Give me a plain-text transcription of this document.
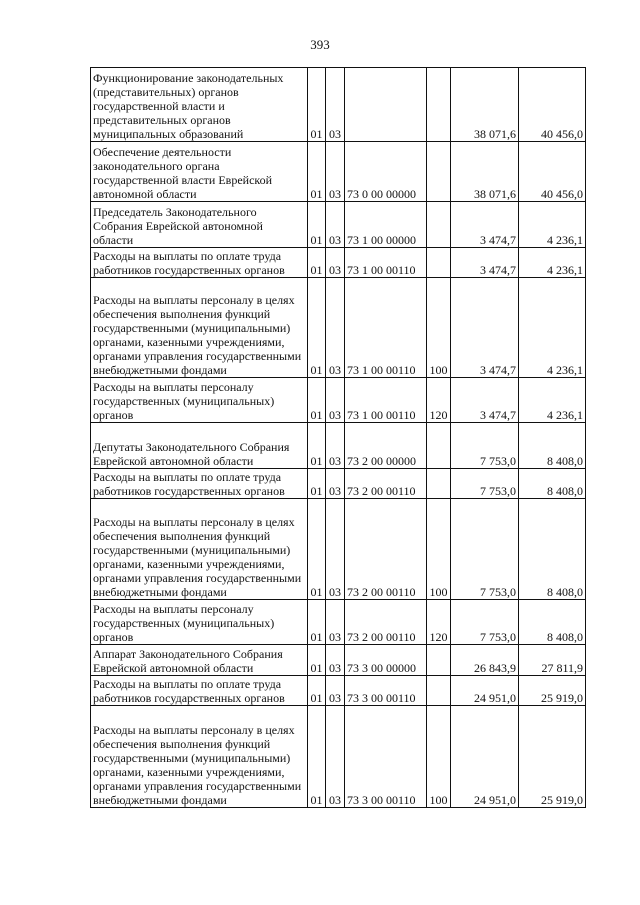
393
Функционирование законодательных (представительных) органов государственной власти и представительных органов муниципальных образований	01	03			38 071,6	40 456,0
Обеспечение деятельности законодательного органа государственной власти Еврейской автономной области	01	03	73 0 00 00000		38 071,6	40 456,0
Председатель Законодательного Собрания Еврейской автономной области	01	03	73 1 00 00000		3 474,7	4 236,1
Расходы на выплаты по оплате труда работников государственных органов	01	03	73 1 00 00110		3 474,7	4 236,1
Расходы на выплаты персоналу в целях обеспечения выполнения функций государственными (муниципальными) органами, казенными учреждениями, органами управления государственными внебюджетными фондами	01	03	73 1 00 00110	100	3 474,7	4 236,1
Расходы на выплаты персоналу государственных (муниципальных) органов	01	03	73 1 00 00110	120	3 474,7	4 236,1
Депутаты Законодательного Собрания Еврейской автономной области	01	03	73 2 00 00000		7 753,0	8 408,0
Расходы на выплаты по оплате труда работников государственных органов	01	03	73 2 00 00110		7 753,0	8 408,0
Расходы на выплаты персоналу в целях обеспечения выполнения функций государственными (муниципальными) органами, казенными учреждениями, органами управления государственными внебюджетными фондами	01	03	73 2 00 00110	100	7 753,0	8 408,0
Расходы на выплаты персоналу государственных (муниципальных) органов	01	03	73 2 00 00110	120	7 753,0	8 408,0
Аппарат Законодательного Собрания Еврейской автономной области	01	03	73 3 00 00000		26 843,9	27 811,9
Расходы на выплаты по оплате труда работников государственных органов	01	03	73 3 00 00110		24 951,0	25 919,0
Расходы на выплаты персоналу в целях обеспечения выполнения функций государственными (муниципальными) органами, казенными учреждениями, органами управления государственными внебюджетными фондами	01	03	73 3 00 00110	100	24 951,0	25 919,0
